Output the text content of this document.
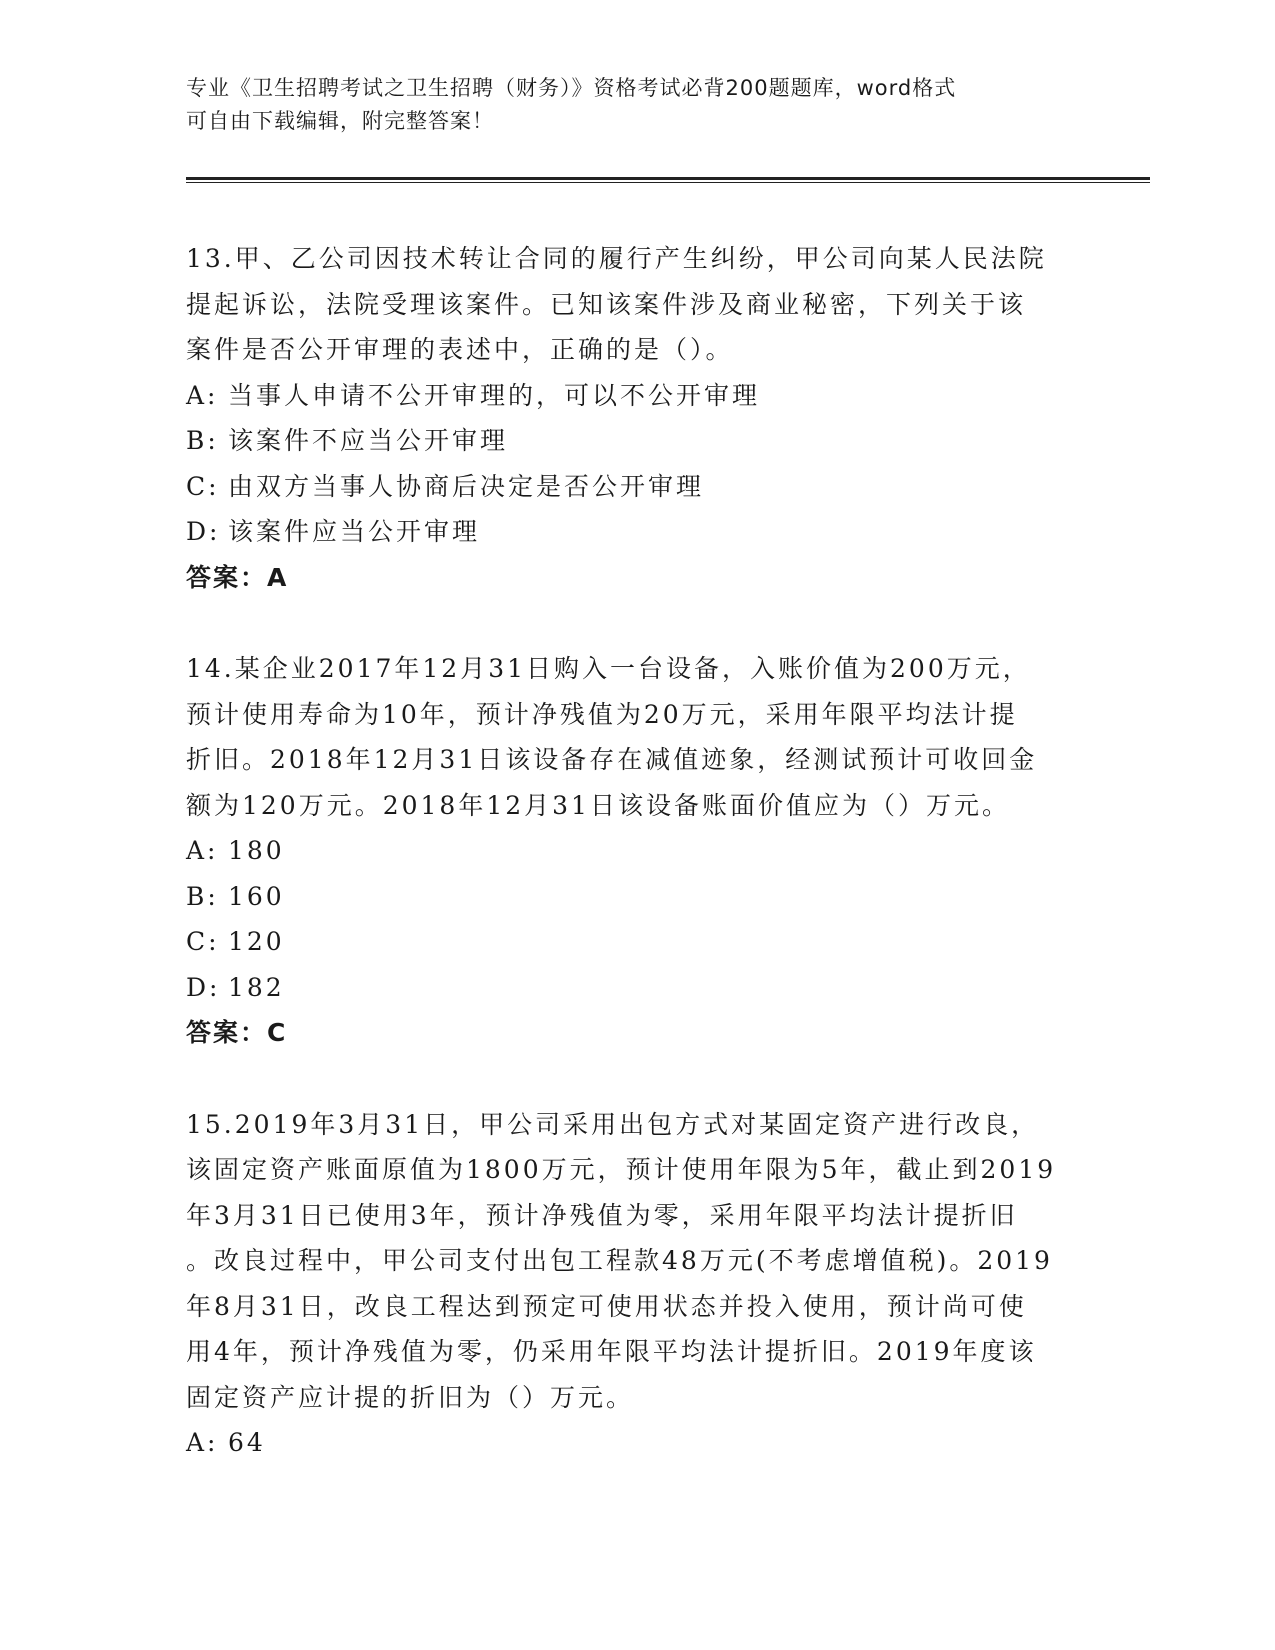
专业《卫生招聘考试之卫生招聘（财务）》资格考试必背200题题库，word格式
可自由下载编辑，附完整答案！

13.甲、乙公司因技术转让合同的履行产生纠纷，甲公司向某人民法院

提起诉讼，法院受理该案件。已知该案件涉及商业秘密，下列关于该

案件是否公开审理的表述中，正确的是（）。

A: 当事人申请不公开审理的，可以不公开审理

B: 该案件不应当公开审理

C: 由双方当事人协商后决定是否公开审理

D: 该案件应当公开审理

答案：A

14.某企业2017年12月31日购入一台设备，入账价值为200万元，

预计使用寿命为10年，预计净残值为20万元，采用年限平均法计提

折旧。2018年12月31日该设备存在减值迹象，经测试预计可收回金

额为120万元。2018年12月31日该设备账面价值应为（）万元。

A: 180

B: 160

C: 120

D: 182

答案：C

15.2019年3月31日，甲公司采用出包方式对某固定资产进行改良，

该固定资产账面原值为1800万元，预计使用年限为5年，截止到2019

年3月31日已使用3年，预计净残值为零，采用年限平均法计提折旧

。改良过程中，甲公司支付出包工程款48万元(不考虑增值税)。2019

年8月31日，改良工程达到预定可使用状态并投入使用，预计尚可使

用4年，预计净残值为零，仍采用年限平均法计提折旧。2019年度该

固定资产应计提的折旧为（）万元。

A: 64
